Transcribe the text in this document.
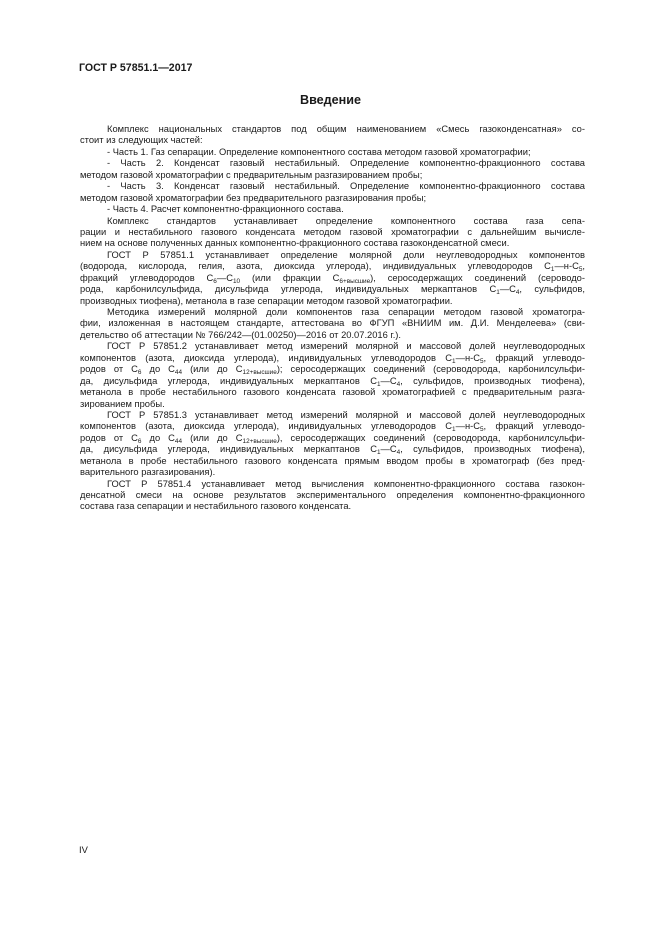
ГОСТ Р 57851.1—2017
Введение
Комплекс национальных стандартов под общим наименованием «Смесь газоконденсатная» со-
стоит из следующих частей:
- Часть 1. Газ сепарации. Определение компонентного состава методом газовой хроматографии;
- Часть 2. Конденсат газовый нестабильный. Определение компонентно-фракционного состава
методом газовой хроматографии с предварительным разгазированием пробы;
- Часть 3. Конденсат газовый нестабильный. Определение компонентно-фракционного состава
методом газовой хроматографии без предварительного разгазирования пробы;
- Часть 4. Расчет компонентно-фракционного состава.
Комплекс стандартов устанавливает определение компонентного состава газа сепа-
рации и нестабильного газового конденсата методом газовой хроматографии с дальнейшим вычисле-
нием на основе полученных данных компонентно-фракционного состава газоконденсатной смеси.
ГОСТ Р 57851.1 устанавливает определение молярной доли неуглеводородных компонентов
(водорода, кислорода, гелия, азота, диоксида углерода), индивидуальных углеводородов $С_1—н-С_5$,
фракций углеводородов $С_6—С_{10}$ (или фракции $С_{6+высшие}$), серосодержащих соединений (сероводо-
рода, карбонилсульфида, дисульфида углерода, индивидуальных меркаптанов $С_1—С_4$, сульфидов,
производных тиофена), метанола в газе сепарации методом газовой хроматографии.
Методика измерений молярной доли компонентов газа сепарации методом газовой хроматогра-
фии, изложенная в настоящем стандарте, аттестована во ФГУП «ВНИИМ им. Д.И. Менделеева» (сви-
детельство об аттестации № 766/242—(01.00250)—2016 от 20.07.2016 г.).
ГОСТ Р 57851.2 устанавливает метод измерений молярной и массовой долей неуглеводородных
компонентов (азота, диоксида углерода), индивидуальных углеводородов $С_1—н-С_5$, фракций углеводо-
родов от $С_6$ до $С_{44}$ (или до $С_{12+высшие}$); серосодержащих соединений (сероводорода, карбонилсульфи-
да, дисульфида углерода, индивидуальных меркаптанов $С_1—С_4$, сульфидов, производных тиофена),
метанола в пробе нестабильного газового конденсата газовой хроматографией с предварительным разга-
зированием пробы.
ГОСТ Р 57851.3 устанавливает метод измерений молярной и массовой долей неуглеводородных
компонентов (азота, диоксида углерода), индивидуальных углеводородов $С_1—н-С_5$, фракций углеводо-
родов от $С_6$ до $С_{44}$ (или до $С_{12+высшие}$), серосодержащих соединений (сероводорода, карбонилсульфи-
да, дисульфида углерода, индивидуальных меркаптанов $С_1—С_4$, сульфидов, производных тиофена),
метанола в пробе нестабильного газового конденсата прямым вводом пробы в хроматограф (без пред-
варительного разгазирования).
ГОСТ Р 57851.4 устанавливает метод вычисления компонентно-фракционного состава газокон-
денсатной смеси на основе результатов экспериментального определения компонентно-фракционного
состава газа сепарации и нестабильного газового конденсата.
IV
